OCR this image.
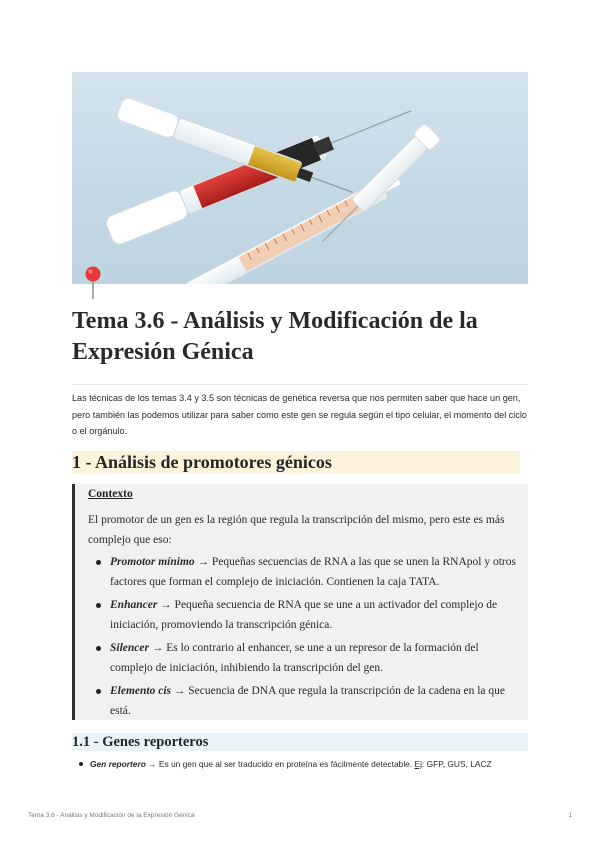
Tema 3.6 - Análisis y Modificación de la Expresión Génica

Las técnicas de los temas 3.4 y 3.5 son técnicas de genética reversa que nos permiten saber que hace un gen, pero también las podemos utilizar para saber como este gen se regula según el tipo celular, el momento del ciclo o el orgánulo.

1 - Análisis de promotores génicos

Contexto

El promotor de un gen es la región que regula la transcripción del mismo, pero este es más complejo que eso:

Promotor mínimo → Pequeñas secuencias de RNA a las que se unen la RNApol y otros factores que forman el complejo de iniciación. Contienen la caja TATA.
Enhancer → Pequeña secuencia de RNA que se une a un activador del complejo de iniciación, promoviendo la transcripción génica.
Silencer → Es lo contrario al enhancer, se une a un represor de la formación del complejo de iniciación, inhibiendo la transcripción del gen.
Elemento cis → Secuencia de DNA que regula la transcripción de la cadena en la que está.
1.1 - Genes reporteros
Gen reportero → Es un gen que al ser traducido en proteína es fácilmente detectable. Ej: GFP, GUS, LACZ
Tema 3.6 - Análisis y Modificación de la Expresión Génica	1
